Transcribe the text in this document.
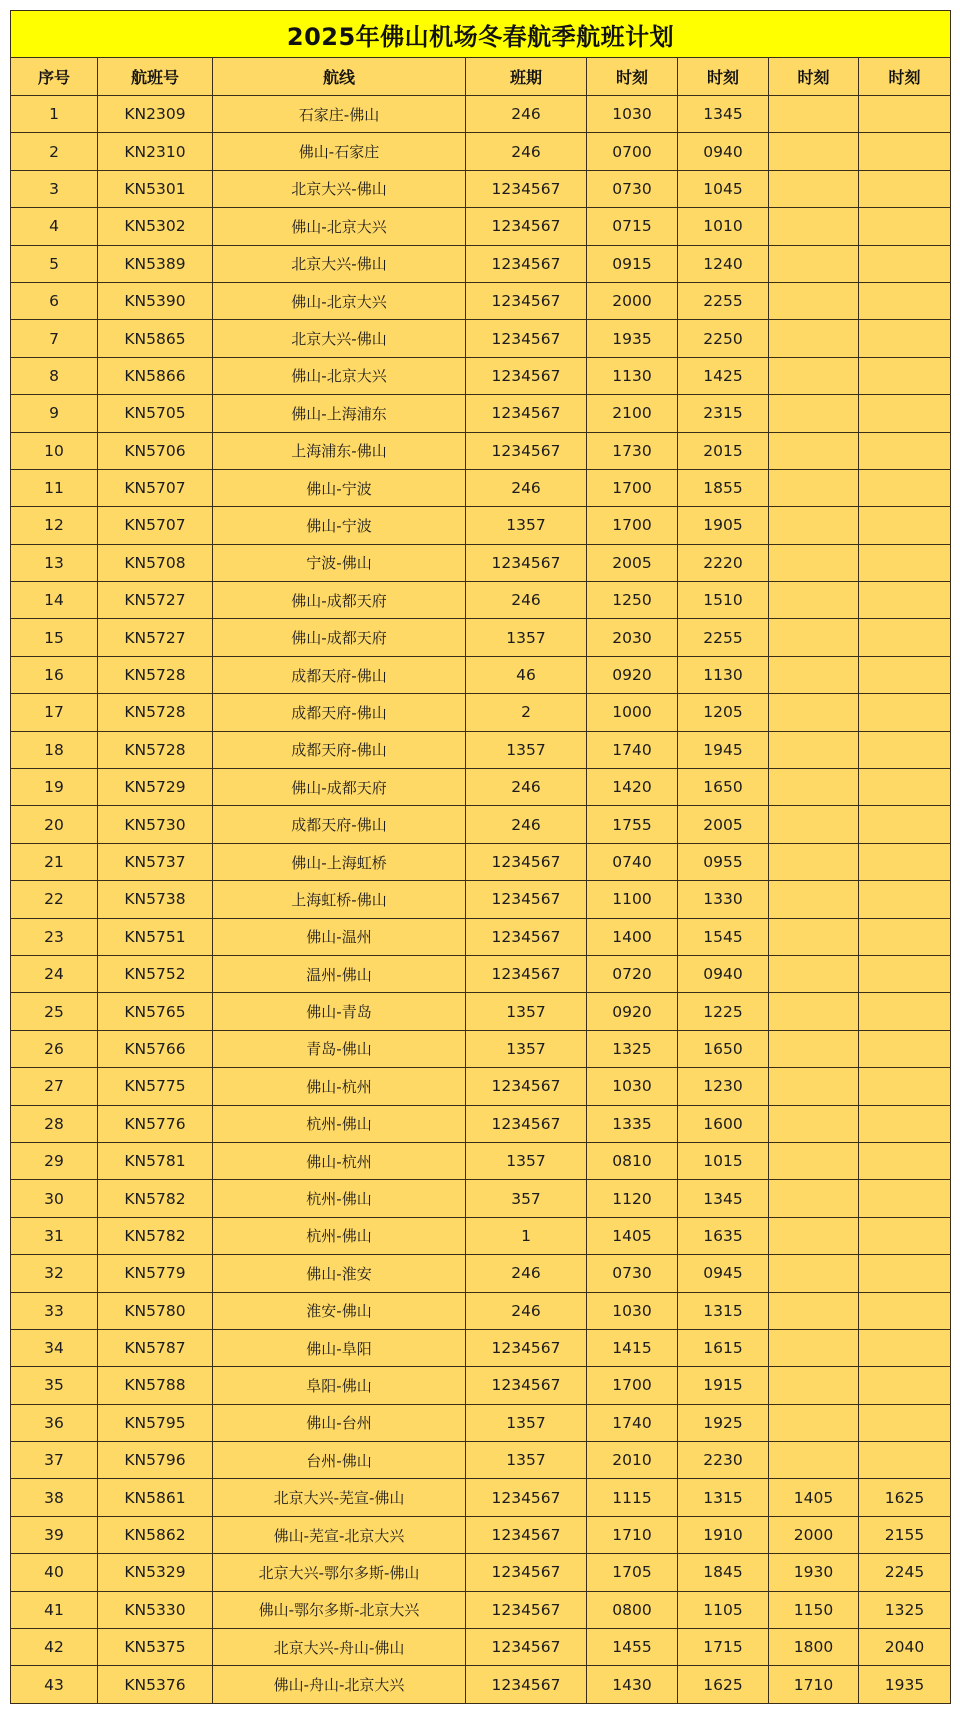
2025年佛山机场冬春航季航班计划							
序号	航班号	航线	班期	时刻	时刻	时刻	时刻
1	KN2309	石家庄-佛山	246	1030	1345		
2	KN2310	佛山-石家庄	246	0700	0940		
3	KN5301	北京大兴-佛山	1234567	0730	1045		
4	KN5302	佛山-北京大兴	1234567	0715	1010		
5	KN5389	北京大兴-佛山	1234567	0915	1240		
6	KN5390	佛山-北京大兴	1234567	2000	2255		
7	KN5865	北京大兴-佛山	1234567	1935	2250		
8	KN5866	佛山-北京大兴	1234567	1130	1425		
9	KN5705	佛山-上海浦东	1234567	2100	2315		
10	KN5706	上海浦东-佛山	1234567	1730	2015		
11	KN5707	佛山-宁波	246	1700	1855		
12	KN5707	佛山-宁波	1357	1700	1905		
13	KN5708	宁波-佛山	1234567	2005	2220		
14	KN5727	佛山-成都天府	246	1250	1510		
15	KN5727	佛山-成都天府	1357	2030	2255		
16	KN5728	成都天府-佛山	46	0920	1130		
17	KN5728	成都天府-佛山	2	1000	1205		
18	KN5728	成都天府-佛山	1357	1740	1945		
19	KN5729	佛山-成都天府	246	1420	1650		
20	KN5730	成都天府-佛山	246	1755	2005		
21	KN5737	佛山-上海虹桥	1234567	0740	0955		
22	KN5738	上海虹桥-佛山	1234567	1100	1330		
23	KN5751	佛山-温州	1234567	1400	1545		
24	KN5752	温州-佛山	1234567	0720	0940		
25	KN5765	佛山-青岛	1357	0920	1225		
26	KN5766	青岛-佛山	1357	1325	1650		
27	KN5775	佛山-杭州	1234567	1030	1230		
28	KN5776	杭州-佛山	1234567	1335	1600		
29	KN5781	佛山-杭州	1357	0810	1015		
30	KN5782	杭州-佛山	357	1120	1345		
31	KN5782	杭州-佛山	1	1405	1635		
32	KN5779	佛山-淮安	246	0730	0945		
33	KN5780	淮安-佛山	246	1030	1315		
34	KN5787	佛山-阜阳	1234567	1415	1615		
35	KN5788	阜阳-佛山	1234567	1700	1915		
36	KN5795	佛山-台州	1357	1740	1925		
37	KN5796	台州-佛山	1357	2010	2230		
38	KN5861	北京大兴-芜宣-佛山	1234567	1115	1315	1405	1625
39	KN5862	佛山-芜宣-北京大兴	1234567	1710	1910	2000	2155
40	KN5329	北京大兴-鄂尔多斯-佛山	1234567	1705	1845	1930	2245
41	KN5330	佛山-鄂尔多斯-北京大兴	1234567	0800	1105	1150	1325
42	KN5375	北京大兴-舟山-佛山	1234567	1455	1715	1800	2040
43	KN5376	佛山-舟山-北京大兴	1234567	1430	1625	1710	1935
